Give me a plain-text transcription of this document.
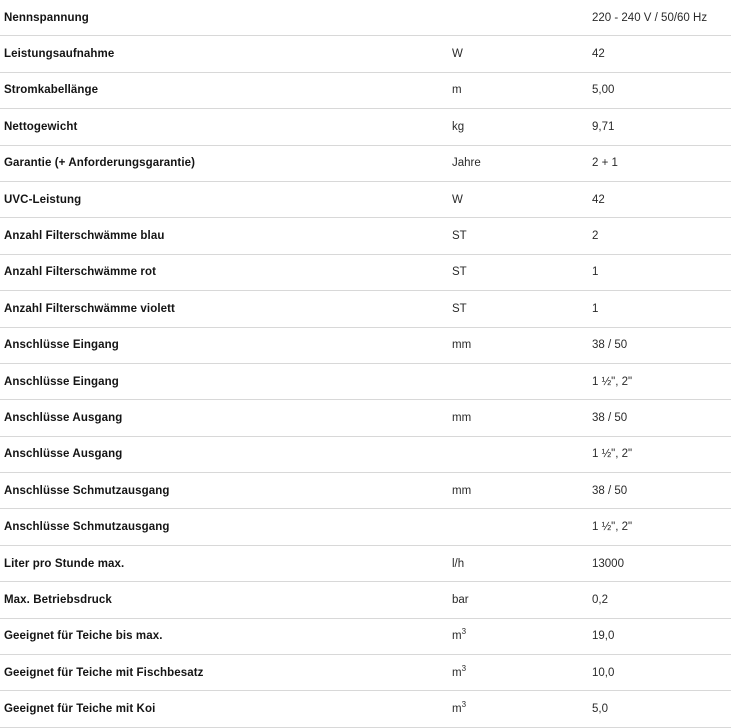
Nennspannung		220 - 240 V / 50/60 Hz
Leistungsaufnahme	W	42
Stromkabellänge	m	5,00
Nettogewicht	kg	9,71
Garantie (+ Anforderungsgarantie)	Jahre	2 + 1
UVC-Leistung	W	42
Anzahl Filterschwämme blau	ST	2
Anzahl Filterschwämme rot	ST	1
Anzahl Filterschwämme violett	ST	1
Anschlüsse Eingang	mm	38 / 50
Anschlüsse Eingang		1 ½", 2"
Anschlüsse Ausgang	mm	38 / 50
Anschlüsse Ausgang		1 ½", 2"
Anschlüsse Schmutzausgang	mm	38 / 50
Anschlüsse Schmutzausgang		1 ½", 2"
Liter pro Stunde max.	l/h	13000
Max. Betriebsdruck	bar	0,2
Geeignet für Teiche bis max.	$m^3$	19,0
Geeignet für Teiche mit Fischbesatz	$m^3$	10,0
Geeignet für Teiche mit Koi	$m^3$	5,0
